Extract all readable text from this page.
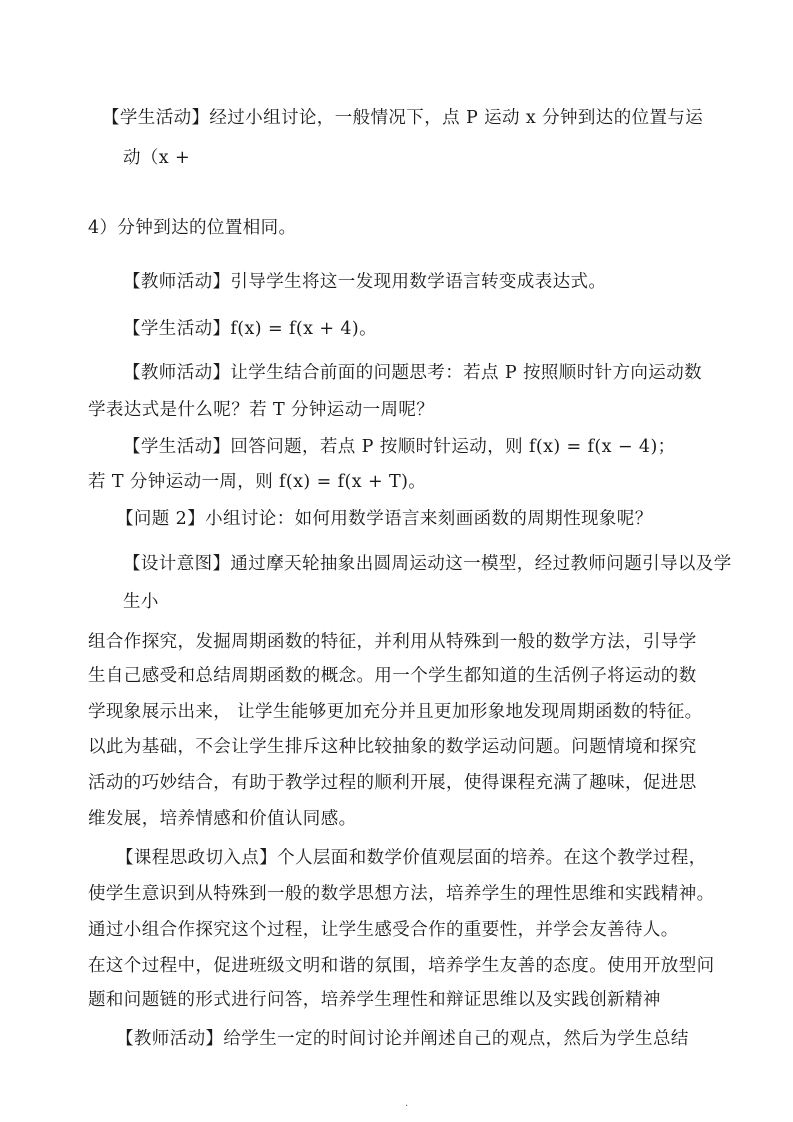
【学生活动】经过小组讨论，一般情况下，点 P 运动 x 分钟到达的位置与运
动（x +
4）分钟到达的位置相同。
【教师活动】引导学生将这一发现用数学语言转变成表达式。
【学生活动】f(x) = f(x + 4)。
【教师活动】让学生结合前面的问题思考：若点 P 按照顺时针方向运动数
学表达式是什么呢？若 T 分钟运动一周呢？
【学生活动】回答问题，若点 P 按顺时针运动，则 f(x) = f(x − 4)；
若 T 分钟运动一周，则 f(x) = f(x + T)。
【问题 2】小组讨论：如何用数学语言来刻画函数的周期性现象呢？
【设计意图】通过摩天轮抽象出圆周运动这一模型，经过教师问题引导以及学
生小
组合作探究，发掘周期函数的特征，并利用从特殊到一般的数学方法，引导学
生自己感受和总结周期函数的概念。用一个学生都知道的生活例子将运动的数
学现象展示出来， 让学生能够更加充分并且更加形象地发现周期函数的特征。
以此为基础，不会让学生排斥这种比较抽象的数学运动问题。问题情境和探究
活动的巧妙结合，有助于教学过程的顺利开展，使得课程充满了趣味，促进思
维发展，培养情感和价值认同感。
【课程思政切入点】个人层面和数学价值观层面的培养。在这个教学过程，
使学生意识到从特殊到一般的数学思想方法，培养学生的理性思维和实践精神。
通过小组合作探究这个过程，让学生感受合作的重要性，并学会友善待人。
在这个过程中，促进班级文明和谐的氛围，培养学生友善的态度。使用开放型问
题和问题链的形式进行问答，培养学生理性和辩证思维以及实践创新精神
【教师活动】给学生一定的时间讨论并阐述自己的观点，然后为学生总结
.
